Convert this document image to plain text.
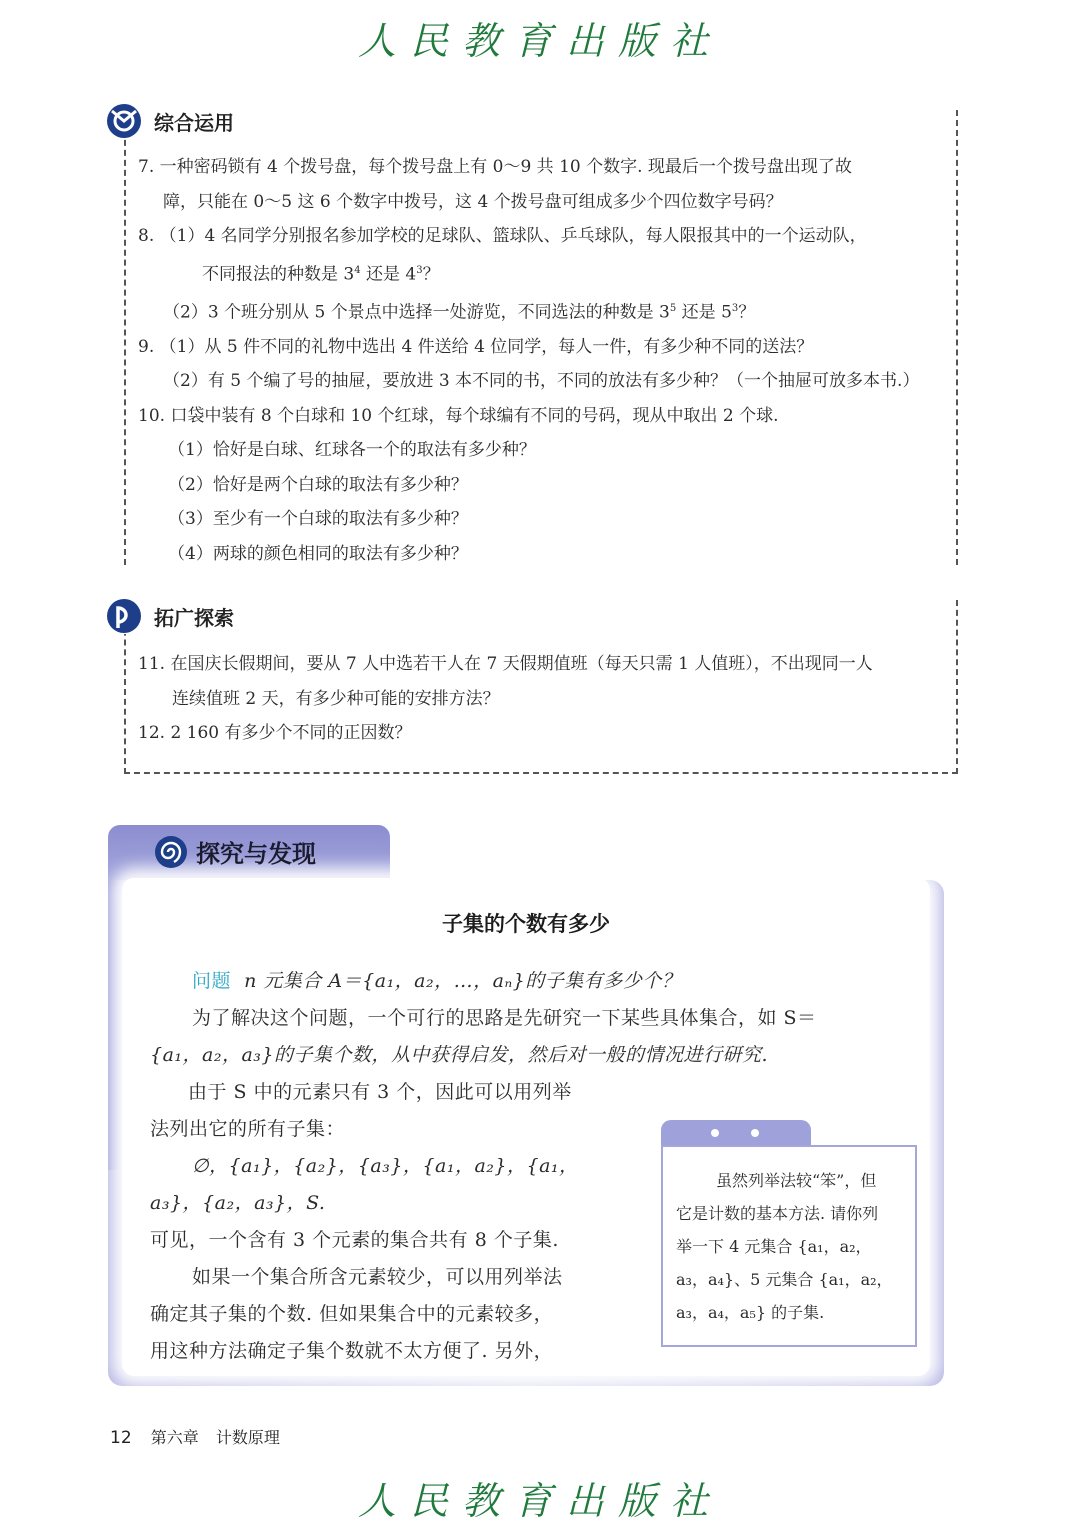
人民教育出版社
综合运用
7. 一种密码锁有 4 个拨号盘，每个拨号盘上有 0～9 共 10 个数字. 现最后一个拨号盘出现了故
障，只能在 0～5 这 6 个数字中拨号，这 4 个拨号盘可组成多少个四位数字号码？
8. （1）4 名同学分别报名参加学校的足球队、篮球队、乒乓球队，每人限报其中的一个运动队，
不同报法的种数是 $3^4$ 还是 $4^3$？
（2）3 个班分别从 5 个景点中选择一处游览，不同选法的种数是 $3^5$ 还是 $5^3$？
9. （1）从 5 件不同的礼物中选出 4 件送给 4 位同学，每人一件，有多少种不同的送法？
（2）有 5 个编了号的抽屉，要放进 3 本不同的书，不同的放法有多少种？（一个抽屉可放多本书.）
10. 口袋中装有 8 个白球和 10 个红球，每个球编有不同的号码，现从中取出 2 个球.
（1）恰好是白球、红球各一个的取法有多少种？
（2）恰好是两个白球的取法有多少种？
（3）至少有一个白球的取法有多少种？
（4）两球的颜色相同的取法有多少种？
拓广探索
11. 在国庆长假期间，要从 7 人中选若干人在 7 天假期值班（每天只需 1 人值班），不出现同一人
连续值班 2 天，有多少种可能的安排方法？
12. 2 160 有多少个不同的正因数？
探究与发现
子集的个数有多少
问题 n 元集合 A＝{a₁，a₂，…，aₙ}的子集有多少个？
为了解决这个问题，一个可行的思路是先研究一下某些具体集合，如 S＝
{a₁，a₂，a₃}的子集个数，从中获得启发，然后对一般的情况进行研究.
由于 S 中的元素只有 3 个，因此可以用列举
法列出它的所有子集：
∅，{a₁}，{a₂}，{a₃}，{a₁，a₂}，{a₁，
a₃}，{a₂，a₃}，S.
可见，一个含有 3 个元素的集合共有 8 个子集.
如果一个集合所含元素较少，可以用列举法
确定其子集的个数. 但如果集合中的元素较多，
用这种方法确定子集个数就不太方便了. 另外，
虽然列举法较“笨”，但
它是计数的基本方法. 请你列
举一下 4 元集合 {a₁，a₂，
a₃，a₄}、5 元集合 {a₁，a₂，
a₃，a₄，a₅} 的子集.
12 第六章 计数原理
人民教育出版社
